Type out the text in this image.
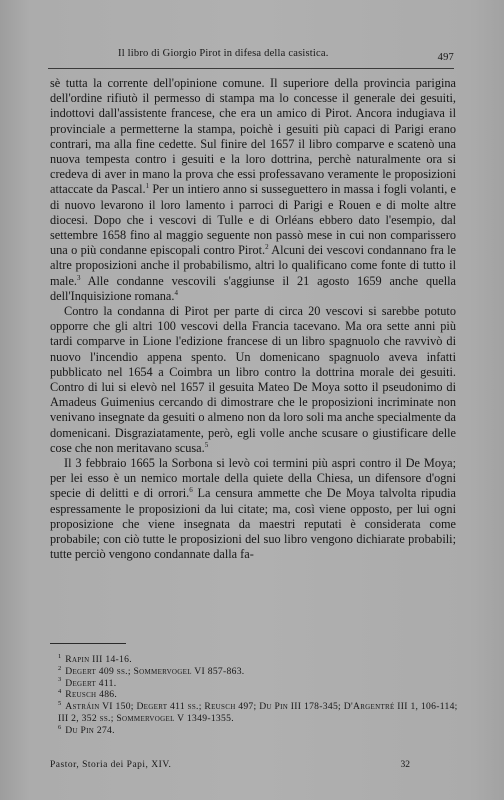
Il libro di Giorgio Pirot in difesa della casistica.	497

sè tutta la corrente dell'opinione comune. Il superiore della provincia parigina dell'ordine rifiutò il permesso di stampa ma lo concesse il generale dei gesuiti, indottovi dall'assistente francese, che era un amico di Pirot. Ancora indugiava il provinciale a permetterne la stampa, poichè i gesuiti più capaci di Parigi erano contrari, ma alla fine cedette. Sul finire del 1657 il libro comparve e scatenò una nuova tempesta contro i gesuiti e la loro dottrina, perchè naturalmente ora si credeva di aver in mano la prova che essi professavano veramente le proposizioni attaccate da Pascal.$^1$ Per un intiero anno si susseguettero in massa i fogli volanti, e di nuovo levarono il loro lamento i parroci di Parigi e Rouen e di molte altre diocesi. Dopo che i vescovi di Tulle e di Orléans ebbero dato l'esempio, dal settembre 1658 fino al maggio seguente non passò mese in cui non comparissero una o più condanne episcopali contro Pirot.$^2$ Alcuni dei vescovi condannano fra le altre proposizioni anche il probabilismo, altri lo qualificano come fonte di tutto il male.$^3$ Alle condanne vescovili s'aggiunse il 21 agosto 1659 anche quella dell'Inquisizione romana.$^4$

Contro la condanna di Pirot per parte di circa 20 vescovi si sarebbe potuto opporre che gli altri 100 vescovi della Francia tacevano. Ma ora sette anni più tardi comparve in Lione l'edizione francese di un libro spagnuolo che ravvivò di nuovo l'incendio appena spento. Un domenicano spagnuolo aveva infatti pubblicato nel 1654 a Coimbra un libro contro la dottrina morale dei gesuiti. Contro di lui si elevò nel 1657 il gesuita Mateo De Moya sotto il pseudonimo di Amadeus Guimenius cercando di dimostrare che le proposizioni incriminate non venivano insegnate da gesuiti o almeno non da loro soli ma anche specialmente da domenicani. Disgraziatamente, però, egli volle anche scusare o giustificare delle cose che non meritavano scusa.$^5$

Il 3 febbraio 1665 la Sorbona si levò coi termini più aspri contro il De Moya; per lei esso è un nemico mortale della quiete della Chiesa, un difensore d'ogni specie di delitti e di orrori.$^6$ La censura ammette che De Moya talvolta ripudia espressamente le proposizioni da lui citate; ma, così viene opposto, per lui ogni proposizione che viene insegnata da maestri reputati è considerata come probabile; con ciò tutte le proposizioni del suo libro vengono dichiarate probabili; tutte perciò vengono condannate dalla fa-

$^1$ Rapin III 14-16.

$^2$ Degert 409 ss.; Sommervogel VI 857-863.

$^3$ Degert 411.

$^4$ Reusch 486.

$^5$ Astráin VI 150; Degert 411 ss.; Reusch 497; Du Pin III 178-345; D'Argentré III 1, 106-114; III 2, 352 ss.; Sommervogel V 1349-1355.

$^6$ Du Pin 274.

Pastor, Storia dei Papi, XIV.	32
